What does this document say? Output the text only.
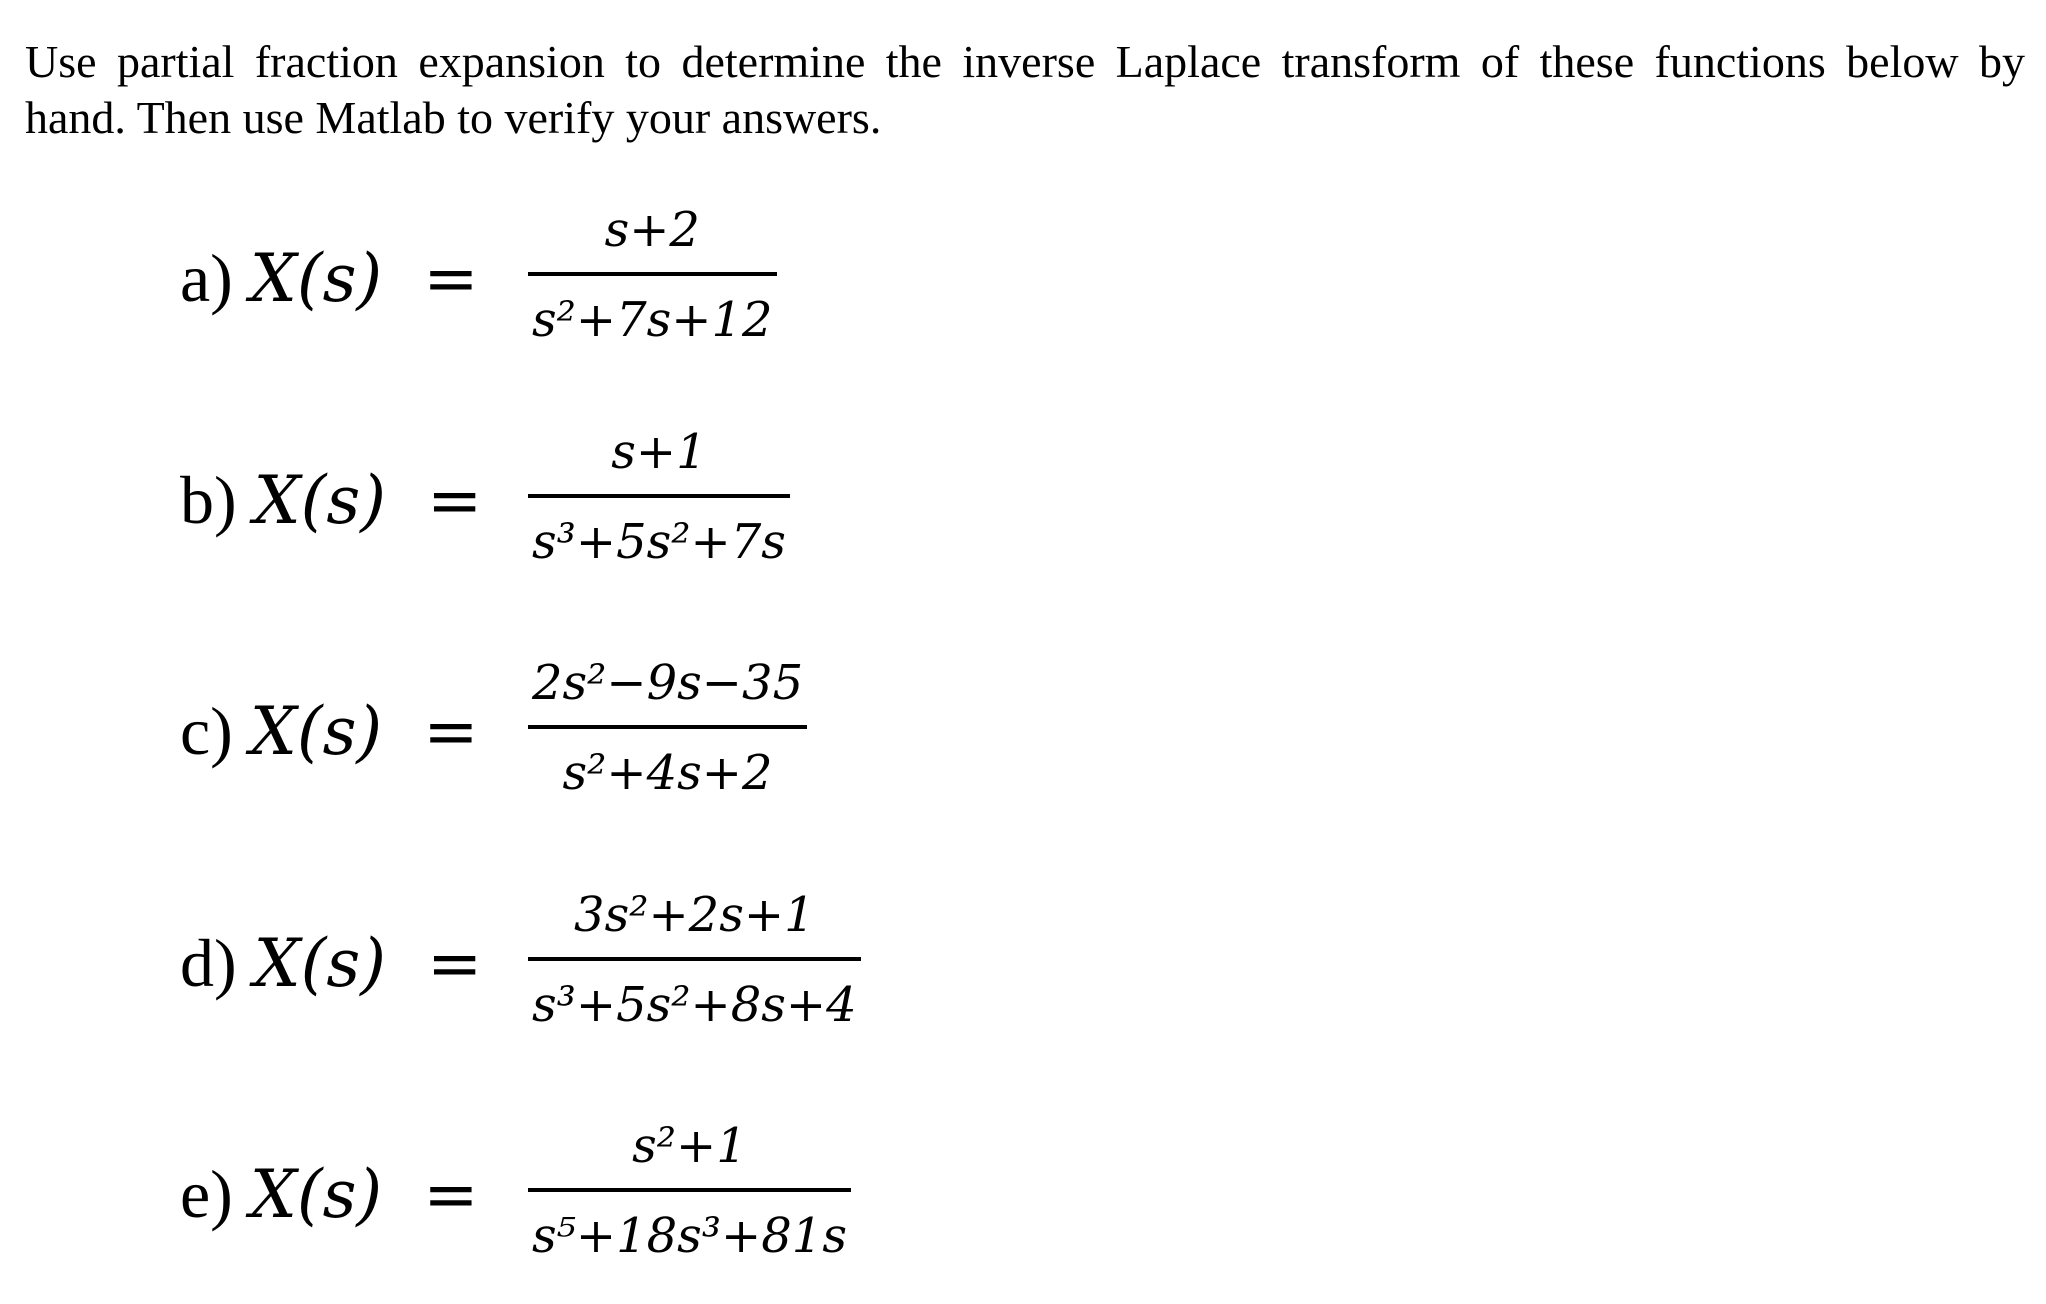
Use partial fraction expansion to determine the inverse Laplace transform of these functions below by
hand. Then use Matlab to verify your answers.
a) X(s) =
s+2
s²+7s+12
b) X(s) =
s+1
s³+5s²+7s
c) X(s) =
2s²−9s−35
s²+4s+2
d) X(s) =
3s²+2s+1
s³+5s²+8s+4
e) X(s) =
s²+1
s⁵+18s³+81s
